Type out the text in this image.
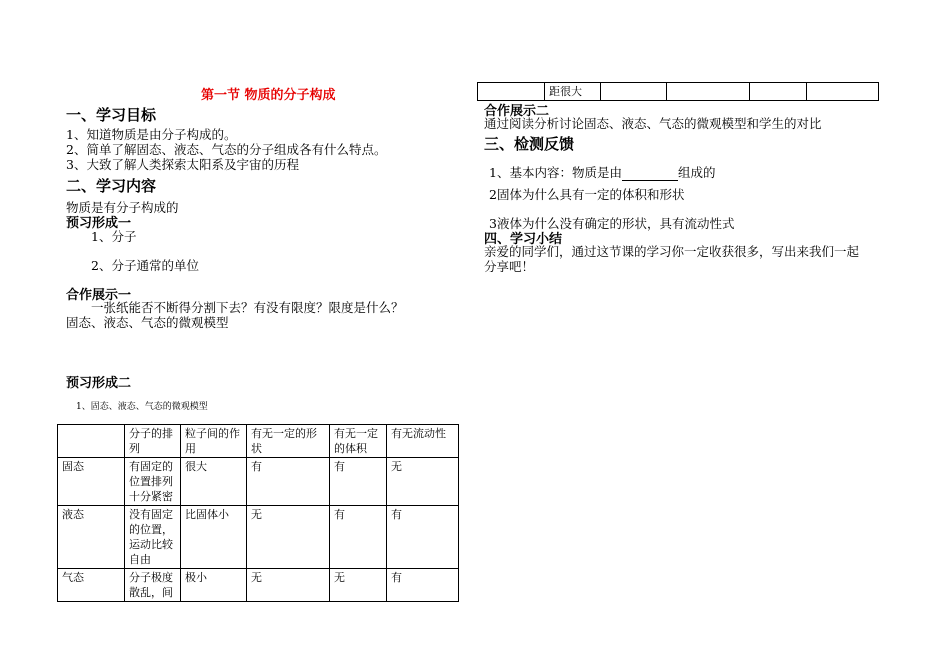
第一节 物质的分子构成
一、学习目标
1、知道物质是由分子构成的。
2、简单了解固态、液态、气态的分子组成各有什么特点。
3、大致了解人类探索太阳系及宇宙的历程
二、学习内容
物质是有分子构成的
预习形成一
1、分子
2、分子通常的单位
合作展示一
一张纸能否不断得分割下去？有没有限度？限度是什么？
固态、液态、气态的微观模型
预习形成二
1、固态、液态、气态的微观模型
	分子的排列	粒子间的作用	有无一定的形状	有无一定的体积	有无流动性
固态	有固定的位置排列十分紧密	很大	有	有	无
液态	没有固定的位置，运动比较自由	比固体小	无	有	有
气态	分子极度散乱，间	极小	无	无	有
	距很大				
合作展示二
通过阅读分析讨论固态、液态、气态的微观模型和学生的对比
三、检测反馈
1、基本内容：物质是由	组成的
2固体为什么具有一定的体积和形状
3液体为什么没有确定的形状，具有流动性式
四、学习小结
亲爱的同学们，通过这节课的学习你一定收获很多，写出来我们一起
分享吧！
